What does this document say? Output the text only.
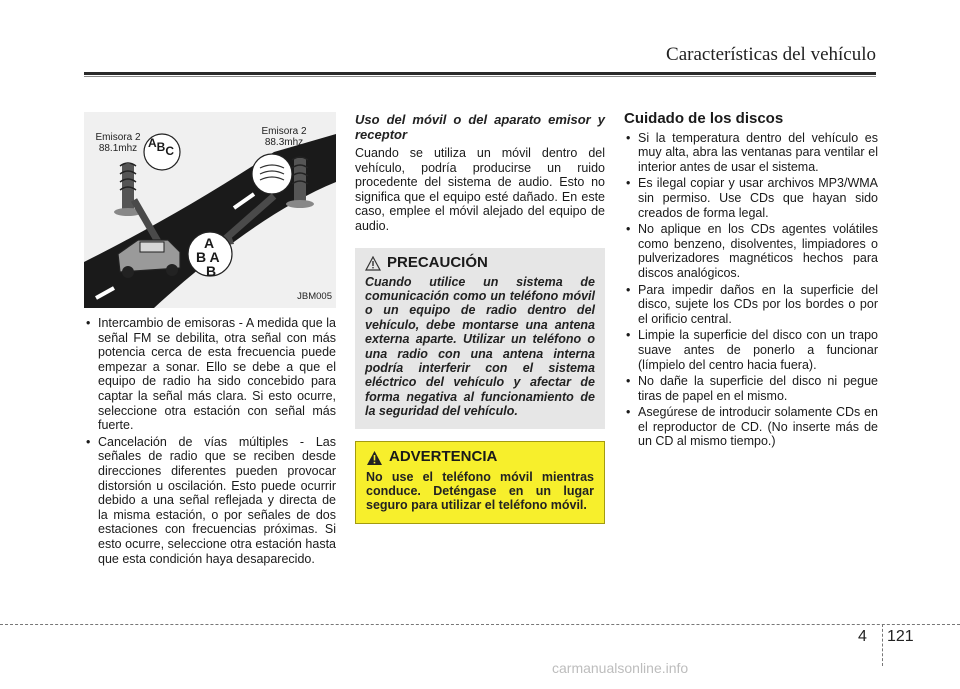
Características del vehículo
Emisora 2
88.1mhz
Emisora 2
88.3mhz
ABC
A
B A
B
JBM005
• Intercambio de emisoras - A medida que la señal FM se debilita, otra señal con más potencia cerca de esta frecuencia puede empezar a sonar. Ello se debe a que el equipo de radio ha sido concebido para captar la señal más clara. Si esto ocurre, seleccione otra estación con señal más fuerte.
• Cancelación de vías múltiples - Las señales de radio que se reciben desde direcciones diferentes pueden provocar distorsión u oscilación. Esto puede ocurrir debido a una señal reflejada y directa de la misma estación, o por señales de dos estaciones con frecuencias próximas. Si esto ocurre, seleccione otra estación hasta que esta condición haya desaparecido.
Uso del móvil o del aparato emisor y receptor

Cuando se utiliza un móvil dentro del vehículo, podría producirse un ruido procedente del sistema de audio. Esto no significa que el equipo esté dañado. En este caso, emplee el móvil alejado del equipo de audio.

PRECAUCIÓN
Cuando utilice un sistema de comunicación como un teléfono móvil o un equipo de radio dentro del vehículo, debe montarse una antena externa aparte. Utilizar un teléfono o una radio con una antena interna podría interferir con el sistema eléctrico del vehículo y afectar de forma negativa al funcionamiento de la seguridad del vehículo.
ADVERTENCIA
No use el teléfono móvil mientras conduce. Deténgase en un lugar seguro para utilizar el teléfono móvil.
Cuidado de los discos
• Si la temperatura dentro del vehículo es muy alta, abra las ventanas para ventilar el interior antes de usar el sistema.
• Es ilegal copiar y usar archivos MP3/WMA sin permiso. Use CDs que hayan sido creados de forma legal.
• No aplique en los CDs agentes volátiles como benzeno, disolventes, limpiadores o pulverizadores magnéticos hechos para discos analógicos.
• Para impedir daños en la superficie del disco, sujete los CDs por los bordes o por el orificio central.
• Limpie la superficie del disco con un trapo suave antes de ponerlo a funcionar (límpielo del centro hacia fuera).
• No dañe la superficie del disco ni pegue tiras de papel en el mismo.
• Asegúrese de introducir solamente CDs en el reproductor de CD. (No inserte más de un CD al mismo tiempo.)
4 121
carmanualsonline.info
